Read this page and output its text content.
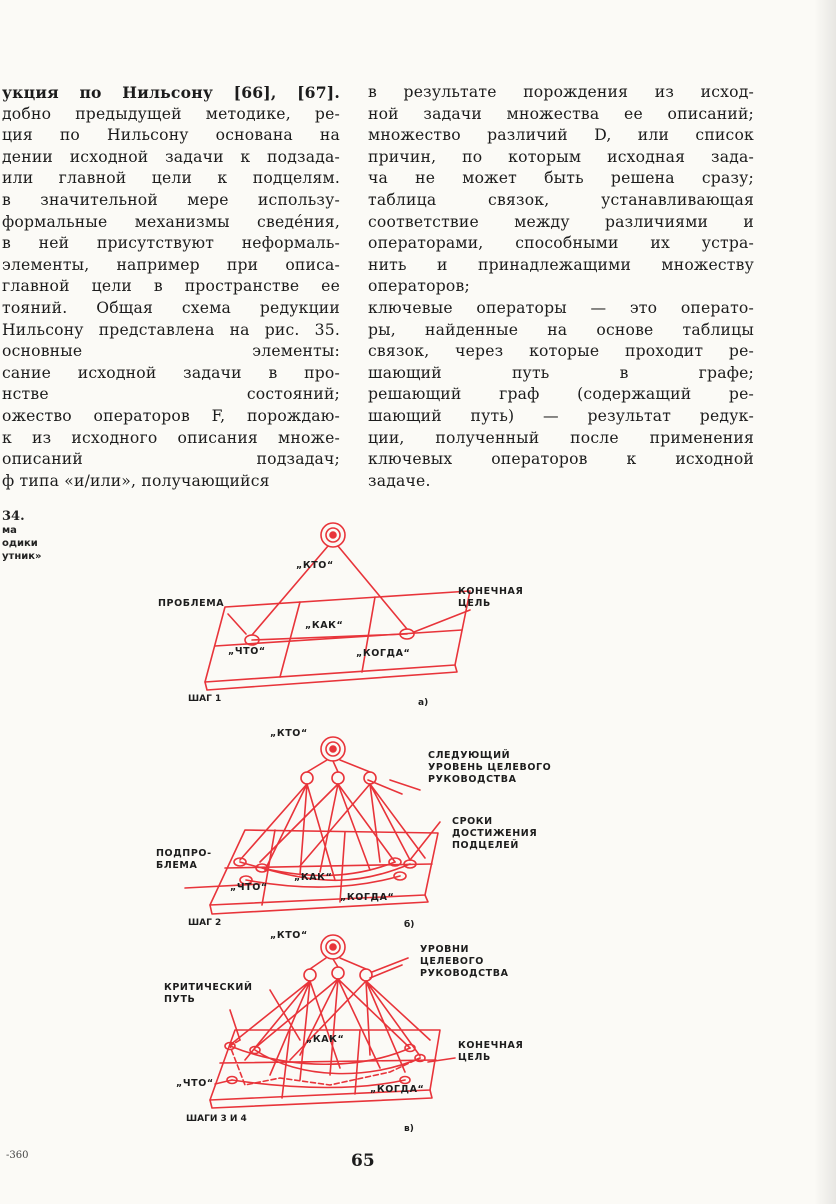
укция по Нильсону [66], [67].
добно предыдущей методике, ре-
ция по Нильсону основана на
дении исходной задачи к подзада-
или главной цели к подцелям.
в значительной мере использу-
формальные механизмы сведе́ния,
в ней присутствуют неформаль-
элементы, например при описа-
главной цели в пространстве ее
тояний. Общая схема редукции
Нильсону представлена на рис. 35.
основные элементы:
сание исходной задачи в про-
нстве состояний;
ожество операторов F, порождаю-
к из исходного описания множе-
описаний подзадач;
ф типа «и/или», получающийся
в результате порождения из исход-
ной задачи множества ее описаний;
множество различий D, или список
причин, по которым исходная зада-
ча не может быть решена сразу;
таблица связок, устанавливающая
соответствие между различиями и
операторами, способными их устра-
нить и принадлежащими множеству
операторов;
ключевые операторы — это операто-
ры, найденные на основе таблицы
связок, через которые проходит ре-
шающий путь в графе;
решающий граф (содержащий ре-
шающий путь) — результат редук-
ции, полученный после применения
ключевых операторов к исходной
задаче.
34.
ма
одики
утник»
„КТО“
ПРОБЛЕМА
КОНЕЧНАЯ
ЦЕЛЬ
„КАК“
„ЧТО“	„КОГДА“
ШАГ 1	а)
„КТО“
СЛЕДУЮЩИЙ
УРОВЕНЬ ЦЕЛЕВОГО
РУКОВОДСТВА
СРОКИ
ДОСТИЖЕНИЯ
ПОДЦЕЛЕЙ
ПОДПРО-
БЛЕМА
„КАК“
„ЧТО“
„КОГДА“
ШАГ 2	б)
„КТО“
УРОВНИ
ЦЕЛЕВОГО
РУКОВОДСТВА
КРИТИЧЕСКИЙ
ПУТЬ
„КАК“
КОНЕЧНАЯ
ЦЕЛЬ
„ЧТО“
„КОГДА“
ШАГИ 3 И 4
в)
-360	65
